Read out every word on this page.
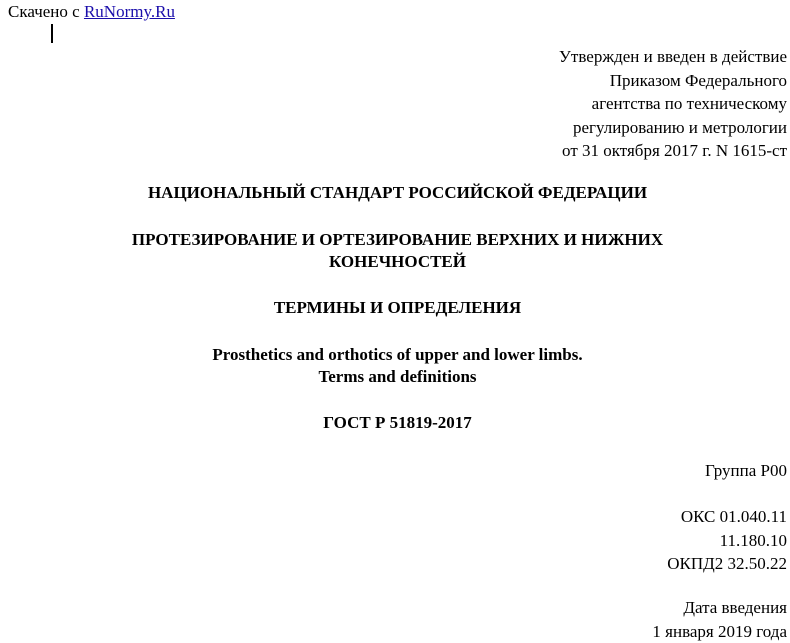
Скачено с RuNormy.Ru
Утвержден и введен в действие
Приказом Федерального
агентства по техническому
регулированию и метрологии
от 31 октября 2017 г. N 1615-ст
НАЦИОНАЛЬНЫЙ СТАНДАРТ РОССИЙСКОЙ ФЕДЕРАЦИИ
ПРОТЕЗИРОВАНИЕ И ОРТЕЗИРОВАНИЕ ВЕРХНИХ И НИЖНИХ
КОНЕЧНОСТЕЙ
ТЕРМИНЫ И ОПРЕДЕЛЕНИЯ
Prosthetics and orthotics of upper and lower limbs.
Terms and definitions
ГОСТ Р 51819-2017
Группа Р00
ОКС 01.040.11
11.180.10
ОКПД2 32.50.22
Дата введения
1 января 2019 года
